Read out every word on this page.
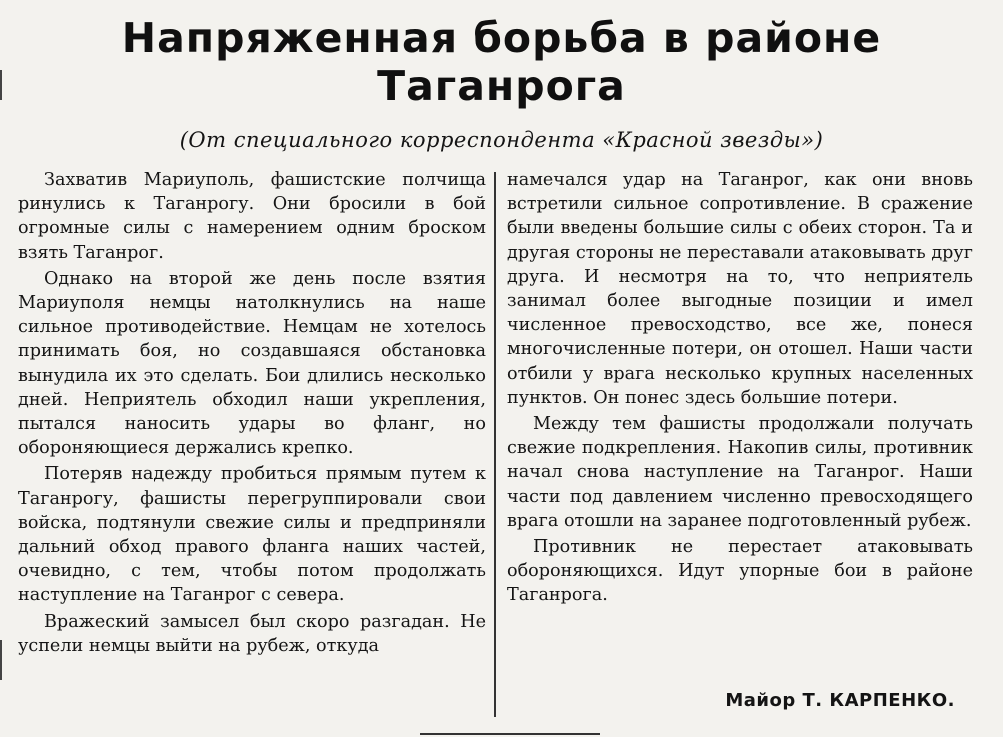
Напряженная борьба в районе Таганрога
(От специального корреспондента «Красной звезды»)

Захватив Мариуполь, фашистские полчища ринулись к Таганрогу. Они бросили в бой огромные силы с намерением одним броском взять Таганрог.

Однако на второй же день после взятия Мариуполя немцы натолкнулись на наше сильное противодействие. Немцам не хотелось принимать боя, но создавшаяся обстановка вынудила их это сделать. Бои длились несколько дней. Неприятель обходил наши укрепления, пытался наносить удары во фланг, но обороняющиеся держались крепко.

Потеряв надежду пробиться прямым путем к Таганрогу, фашисты перегруппировали свои войска, подтянули свежие силы и предприняли дальний обход правого фланга наших частей, очевидно, с тем, чтобы потом продолжать наступление на Таганрог с севера.

Вражеский замысел был скоро разгадан. Не успели немцы выйти на рубеж, откуда

намечался удар на Таганрог, как они вновь встретили сильное сопротивление. В сражение были введены большие силы с обеих сторон. Та и другая стороны не переставали атаковывать друг друга. И несмотря на то, что неприятель занимал более выгодные позиции и имел численное превосходство, все же, понеся многочисленные потери, он отошел. Наши части отбили у врага несколько крупных населенных пунктов. Он понес здесь большие потери.

Между тем фашисты продолжали получать свежие подкрепления. Накопив силы, противник начал снова наступление на Таганрог. Наши части под давлением численно превосходящего врага отошли на заранее подготовленный рубеж.

Противник не перестает атаковывать обороняющихся. Идут упорные бои в районе Таганрога.

Майор Т. КАРПЕНКО.
